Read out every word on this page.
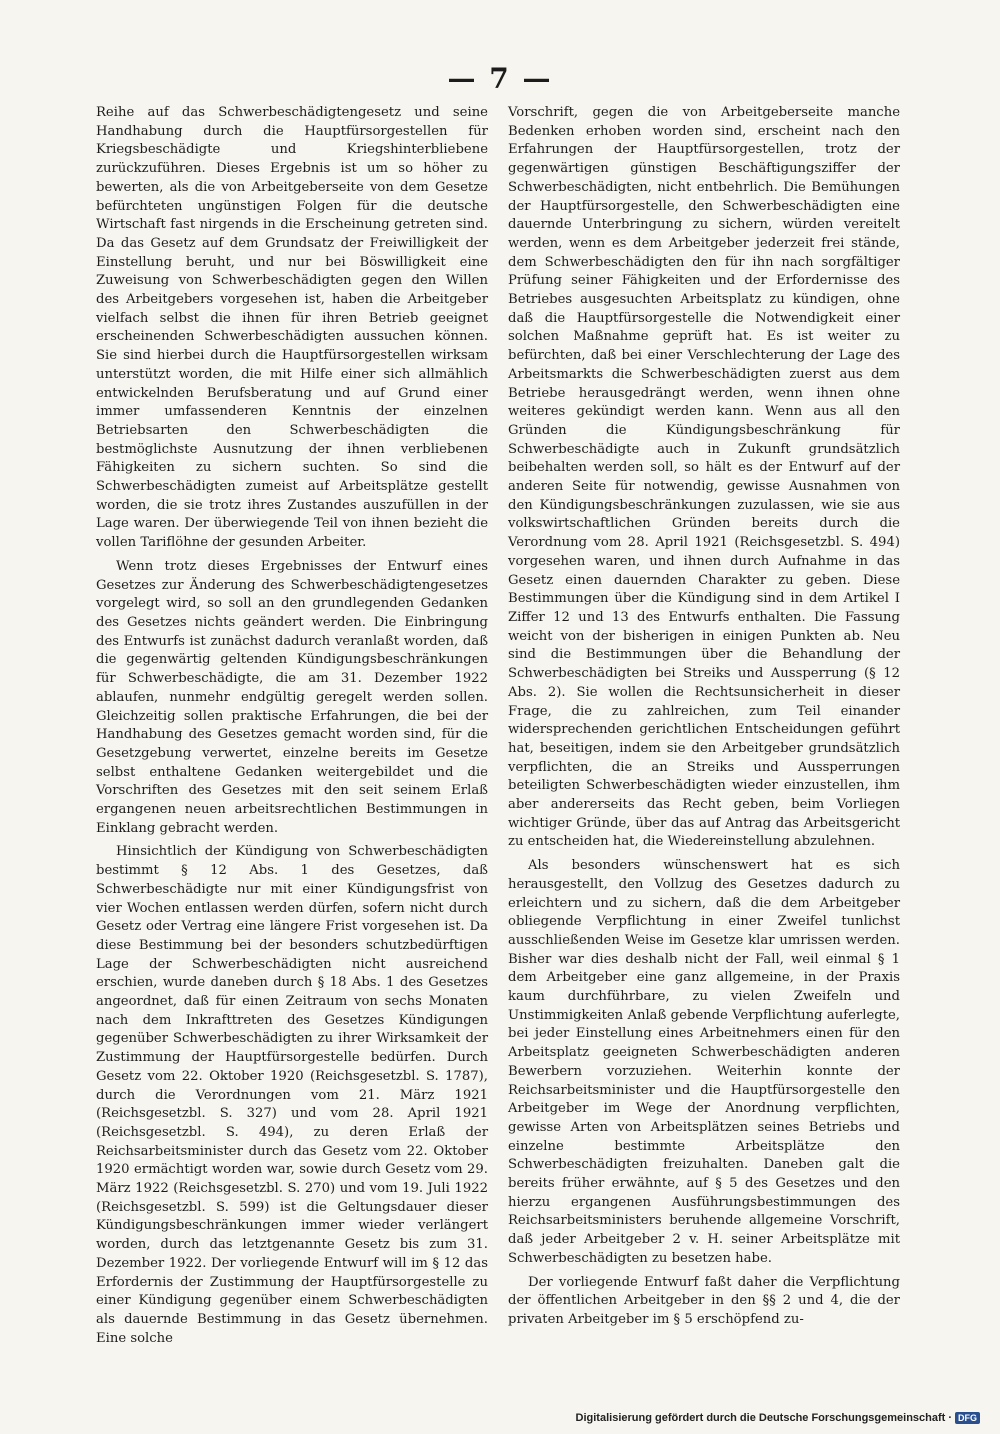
— 7 —

Reihe auf das Schwerbeschädigtengesetz und seine Handhabung durch die Hauptfürsorgestellen für Kriegsbeschädigte und Kriegshinterbliebene zurückzuführen. Dieses Ergebnis ist um so höher zu bewerten, als die von Arbeitgeberseite von dem Gesetze befürchteten ungünstigen Folgen für die deutsche Wirtschaft fast nirgends in die Erscheinung getreten sind. Da das Gesetz auf dem Grundsatz der Freiwilligkeit der Einstellung beruht, und nur bei Böswilligkeit eine Zuweisung von Schwerbeschädigten gegen den Willen des Arbeitgebers vorgesehen ist, haben die Arbeitgeber vielfach selbst die ihnen für ihren Betrieb geeignet erscheinenden Schwerbeschädigten aussuchen können. Sie sind hierbei durch die Hauptfürsorgestellen wirksam unterstützt worden, die mit Hilfe einer sich allmählich entwickelnden Berufsberatung und auf Grund einer immer umfassenderen Kenntnis der einzelnen Betriebsarten den Schwerbeschädigten die bestmöglichste Ausnutzung der ihnen verbliebenen Fähigkeiten zu sichern suchten. So sind die Schwerbeschädigten zumeist auf Arbeitsplätze gestellt worden, die sie trotz ihres Zustandes auszufüllen in der Lage waren. Der überwiegende Teil von ihnen bezieht die vollen Tariflöhne der gesunden Arbeiter.

Wenn trotz dieses Ergebnisses der Entwurf eines Gesetzes zur Änderung des Schwerbeschädigtengesetzes vorgelegt wird, so soll an den grundlegenden Gedanken des Gesetzes nichts geändert werden. Die Einbringung des Entwurfs ist zunächst dadurch veranlaßt worden, daß die gegenwärtig geltenden Kündigungsbeschränkungen für Schwerbeschädigte, die am 31. Dezember 1922 ablaufen, nunmehr endgültig geregelt werden sollen. Gleichzeitig sollen praktische Erfahrungen, die bei der Handhabung des Gesetzes gemacht worden sind, für die Gesetzgebung verwertet, einzelne bereits im Gesetze selbst enthaltene Gedanken weitergebildet und die Vorschriften des Gesetzes mit den seit seinem Erlaß ergangenen neuen arbeitsrechtlichen Bestimmungen in Einklang gebracht werden.

Hinsichtlich der Kündigung von Schwerbeschädigten bestimmt § 12 Abs. 1 des Gesetzes, daß Schwerbeschädigte nur mit einer Kündigungsfrist von vier Wochen entlassen werden dürfen, sofern nicht durch Gesetz oder Vertrag eine längere Frist vorgesehen ist. Da diese Bestimmung bei der besonders schutzbedürftigen Lage der Schwerbeschädigten nicht ausreichend erschien, wurde daneben durch § 18 Abs. 1 des Gesetzes angeordnet, daß für einen Zeitraum von sechs Monaten nach dem Inkrafttreten des Gesetzes Kündigungen gegenüber Schwerbeschädigten zu ihrer Wirksamkeit der Zustimmung der Hauptfürsorgestelle bedürfen. Durch Gesetz vom 22. Oktober 1920 (Reichsgesetzbl. S. 1787), durch die Verordnungen vom 21. März 1921 (Reichsgesetzbl. S. 327) und vom 28. April 1921 (Reichsgesetzbl. S. 494), zu deren Erlaß der Reichsarbeitsminister durch das Gesetz vom 22. Oktober 1920 ermächtigt worden war, sowie durch Gesetz vom 29. März 1922 (Reichsgesetzbl. S. 270) und vom 19. Juli 1922 (Reichsgesetzbl. S. 599) ist die Geltungsdauer dieser Kündigungsbeschränkungen immer wieder verlängert worden, durch das letztgenannte Gesetz bis zum 31. Dezember 1922. Der vorliegende Entwurf will im § 12 das Erfordernis der Zustimmung der Hauptfürsorgestelle zu einer Kündigung gegenüber einem Schwerbeschädigten als dauernde Bestimmung in das Gesetz übernehmen. Eine solche

Vorschrift, gegen die von Arbeitgeberseite manche Bedenken erhoben worden sind, erscheint nach den Erfahrungen der Hauptfürsorgestellen, trotz der gegenwärtigen günstigen Beschäftigungsziffer der Schwerbeschädigten, nicht entbehrlich. Die Bemühungen der Hauptfürsorgestelle, den Schwerbeschädigten eine dauernde Unterbringung zu sichern, würden vereitelt werden, wenn es dem Arbeitgeber jederzeit frei stände, dem Schwerbeschädigten den für ihn nach sorgfältiger Prüfung seiner Fähigkeiten und der Erfordernisse des Betriebes ausgesuchten Arbeitsplatz zu kündigen, ohne daß die Hauptfürsorgestelle die Notwendigkeit einer solchen Maßnahme geprüft hat. Es ist weiter zu befürchten, daß bei einer Verschlechterung der Lage des Arbeitsmarkts die Schwerbeschädigten zuerst aus dem Betriebe herausgedrängt werden, wenn ihnen ohne weiteres gekündigt werden kann. Wenn aus all den Gründen die Kündigungsbeschränkung für Schwerbeschädigte auch in Zukunft grundsätzlich beibehalten werden soll, so hält es der Entwurf auf der anderen Seite für notwendig, gewisse Ausnahmen von den Kündigungsbeschränkungen zuzulassen, wie sie aus volkswirtschaftlichen Gründen bereits durch die Verordnung vom 28. April 1921 (Reichsgesetzbl. S. 494) vorgesehen waren, und ihnen durch Aufnahme in das Gesetz einen dauernden Charakter zu geben. Diese Bestimmungen über die Kündigung sind in dem Artikel I Ziffer 12 und 13 des Entwurfs enthalten. Die Fassung weicht von der bisherigen in einigen Punkten ab. Neu sind die Bestimmungen über die Behandlung der Schwerbeschädigten bei Streiks und Aussperrung (§ 12 Abs. 2). Sie wollen die Rechtsunsicherheit in dieser Frage, die zu zahlreichen, zum Teil einander widersprechenden gerichtlichen Entscheidungen geführt hat, beseitigen, indem sie den Arbeitgeber grundsätzlich verpflichten, die an Streiks und Aussperrungen beteiligten Schwerbeschädigten wieder einzustellen, ihm aber andererseits das Recht geben, beim Vorliegen wichtiger Gründe, über das auf Antrag das Arbeitsgericht zu entscheiden hat, die Wiedereinstellung abzulehnen.

Als besonders wünschenswert hat es sich herausgestellt, den Vollzug des Gesetzes dadurch zu erleichtern und zu sichern, daß die dem Arbeitgeber obliegende Verpflichtung in einer Zweifel tunlichst ausschließenden Weise im Gesetze klar umrissen werden. Bisher war dies deshalb nicht der Fall, weil einmal § 1 dem Arbeitgeber eine ganz allgemeine, in der Praxis kaum durchführbare, zu vielen Zweifeln und Unstimmigkeiten Anlaß gebende Verpflichtung auferlegte, bei jeder Einstellung eines Arbeitnehmers einen für den Arbeitsplatz geeigneten Schwerbeschädigten anderen Bewerbern vorzuziehen. Weiterhin konnte der Reichsarbeitsminister und die Hauptfürsorgestelle den Arbeitgeber im Wege der Anordnung verpflichten, gewisse Arten von Arbeitsplätzen seines Betriebs und einzelne bestimmte Arbeitsplätze den Schwerbeschädigten freizuhalten. Daneben galt die bereits früher erwähnte, auf § 5 des Gesetzes und den hierzu ergangenen Ausführungsbestimmungen des Reichsarbeitsministers beruhende allgemeine Vorschrift, daß jeder Arbeitgeber 2 v. H. seiner Arbeitsplätze mit Schwerbeschädigten zu besetzen habe.

Der vorliegende Entwurf faßt daher die Verpflichtung der öffentlichen Arbeitgeber in den §§ 2 und 4, die der privaten Arbeitgeber im § 5 erschöpfend zu-

Digitalisierung gefördert durch die Deutsche Forschungsgemeinschaft · DFG
